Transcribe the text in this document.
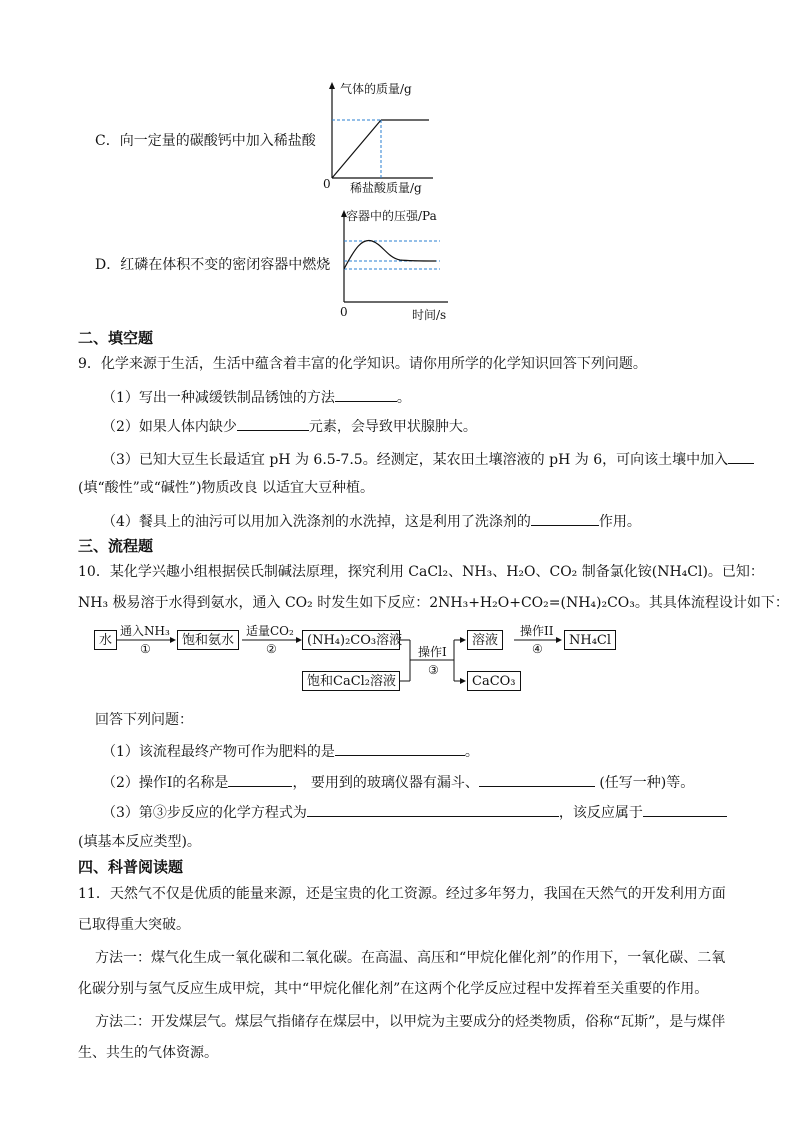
C．向一定量的碳酸钙中加入稀盐酸
气体的质量/g
0 稀盐酸质量/g
D．红磷在体积不变的密闭容器中燃烧
容器中的压强/Pa
0	时间/s
二、填空题
9．化学来源于生活，生活中蕴含着丰富的化学知识。请你用所学的化学知识回答下列问题。
（1）写出一种减缓铁制品锈蚀的方法	。
（2）如果人体内缺少	元素，会导致甲状腺肿大。
（3）已知大豆生长最适宜 pH 为 6.5-7.5。经测定，某农田土壤溶液的 pH 为 6，可向该土壤中加入
(填“酸性”或“碱性”)物质改良 以适宜大豆种植。
（4）餐具上的油污可以用加入洗涤剂的水洗掉，这是利用了洗涤剂的	作用。
三、流程题
10．某化学兴趣小组根据侯氏制碱法原理，探究利用 CaCl₂、NH₃、H₂O、CO₂ 制备氯化铵(NH₄Cl)。已知：
NH₃ 极易溶于水得到氨水，通入 CO₂ 时发生如下反应：2NH₃+H₂O+CO₂=(NH₄)₂CO₃。其具体流程设计如下：
水
通入NH₃
①
饱和氨水
适量CO₂
②
(NH₄)₂CO₃溶液
饱和CaCl₂溶液
操作I
③
溶液
操作II
④
NH₄Cl
CaCO₃
回答下列问题：
（1）该流程最终产物可作为肥料的是	。
（2）操作I的名称是	， 要用到的玻璃仪器有漏斗、	(任写一种)等。
（3）第③步反应的化学方程式为	，该反应属于
(填基本反应类型)。
四、科普阅读题
11．天然气不仅是优质的能量来源，还是宝贵的化工资源。经过多年努力，我国在天然气的开发利用方面
已取得重大突破。
方法一：煤气化生成一氧化碳和二氧化碳。在高温、高压和“甲烷化催化剂”的作用下，一氧化碳、二氧
化碳分别与氢气反应生成甲烷，其中“甲烷化催化剂”在这两个化学反应过程中发挥着至关重要的作用。
方法二：开发煤层气。煤层气指储存在煤层中，以甲烷为主要成分的烃类物质，俗称“瓦斯”，是与煤伴
生、共生的气体资源。
